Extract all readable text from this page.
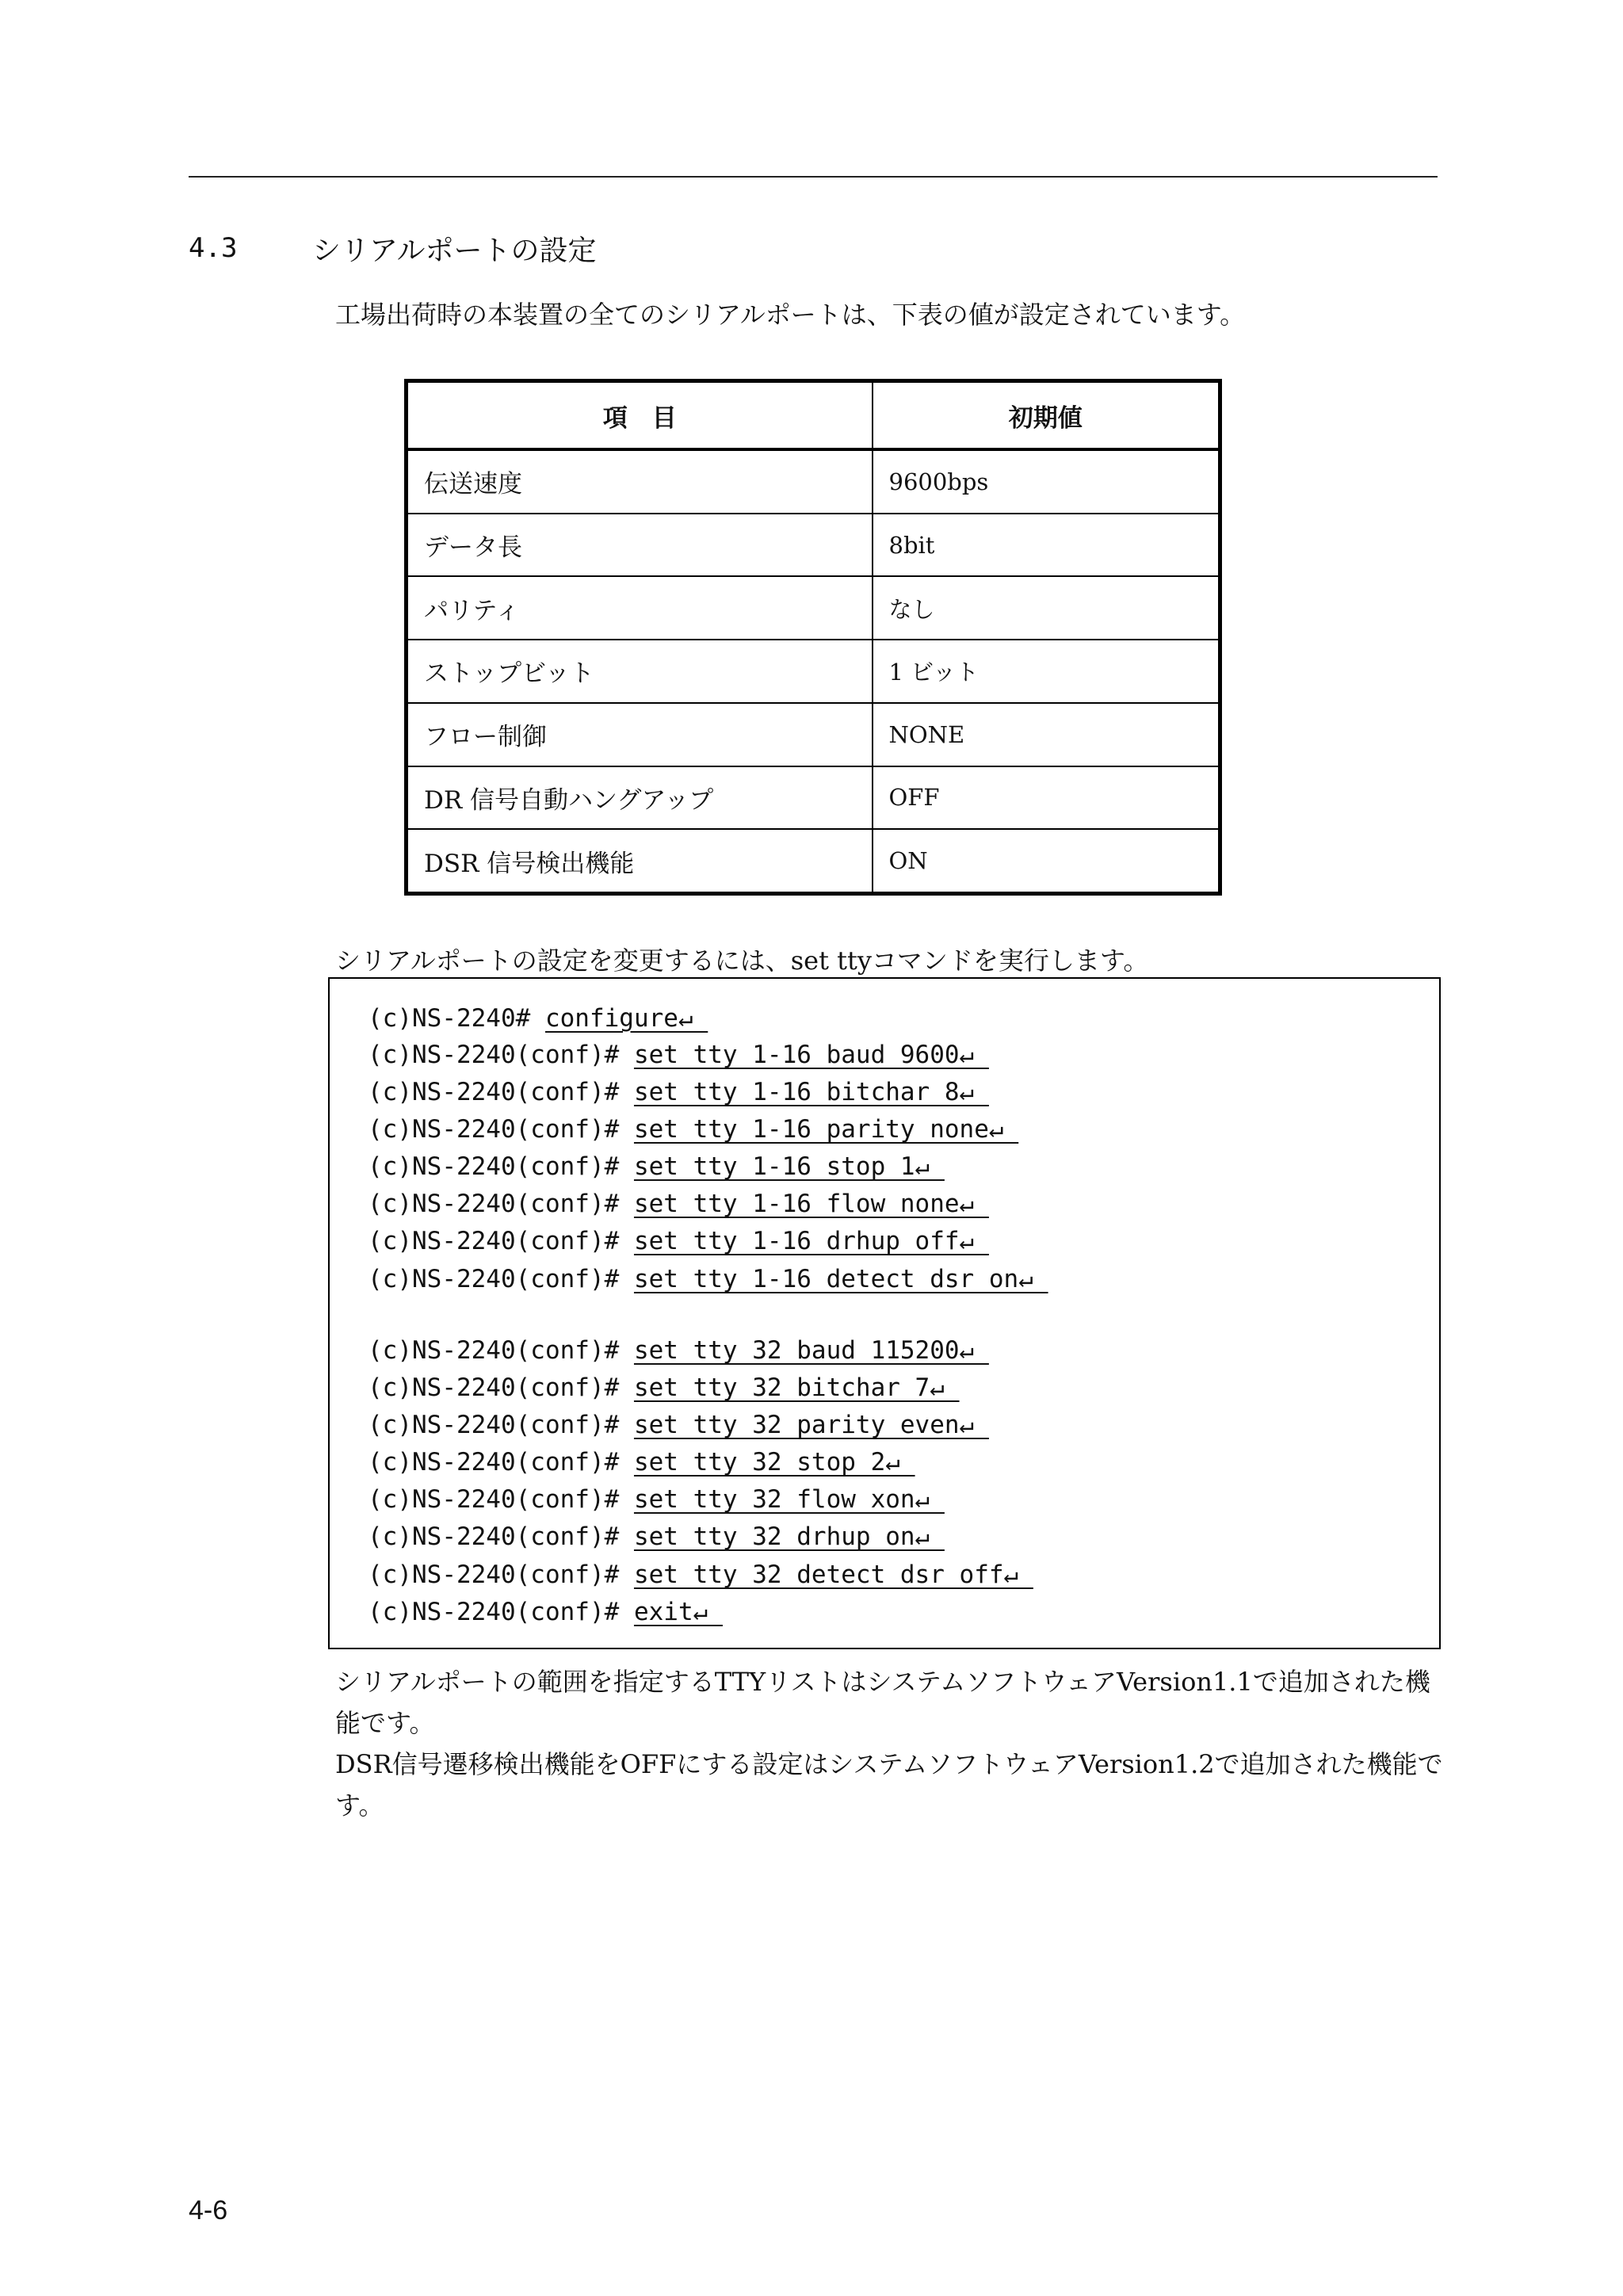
4.3	シリアルポートの設定
工場出荷時の本装置の全てのシリアルポートは、下表の値が設定されています。
項　目	初期値
伝送速度	9600bps
データ長	8bit
パリティ	なし
ストップビット	1 ビット
フロー制御	NONE
DR 信号自動ハングアップ	OFF
DSR 信号検出機能	ON
シリアルポートの設定を変更するには、set ttyコマンドを実行します。
(c)NS-2240# configure↵
(c)NS-2240(conf)# set tty 1-16 baud 9600↵
(c)NS-2240(conf)# set tty 1-16 bitchar 8↵
(c)NS-2240(conf)# set tty 1-16 parity none↵
(c)NS-2240(conf)# set tty 1-16 stop 1↵
(c)NS-2240(conf)# set tty 1-16 flow none↵
(c)NS-2240(conf)# set tty 1-16 drhup off↵
(c)NS-2240(conf)# set tty 1-16 detect_dsr on↵
(c)NS-2240(conf)# set tty 32 baud 115200↵
(c)NS-2240(conf)# set tty 32 bitchar 7↵
(c)NS-2240(conf)# set tty 32 parity even↵
(c)NS-2240(conf)# set tty 32 stop 2↵
(c)NS-2240(conf)# set tty 32 flow xon↵
(c)NS-2240(conf)# set tty 32 drhup on↵
(c)NS-2240(conf)# set tty 32 detect_dsr off↵
(c)NS-2240(conf)# exit↵
シリアルポートの範囲を指定するTTYリストはシステムソフトウェアVersion1.1で追加された機能です。
DSR信号遷移検出機能をOFFにする設定はシステムソフトウェアVersion1.2で追加された機能です。
4-6
